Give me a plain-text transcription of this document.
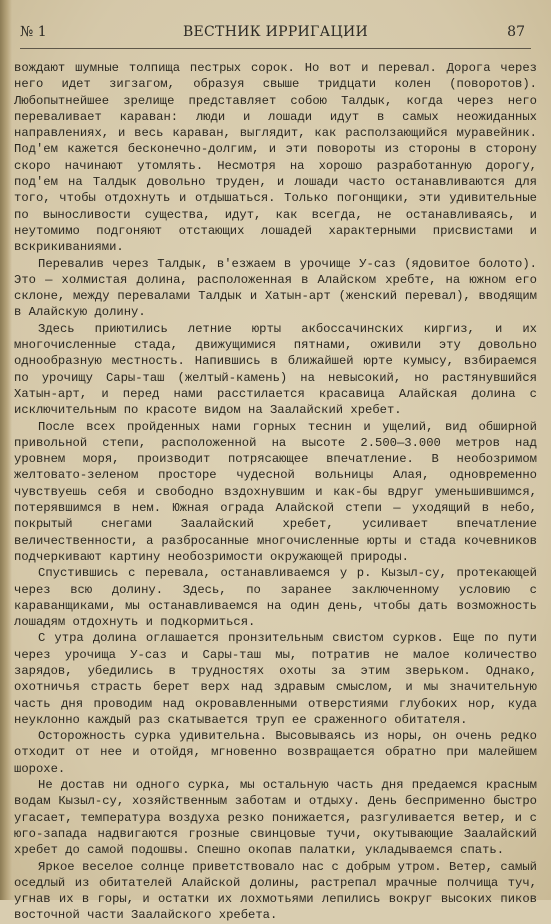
№ 1	ВЕСТНИК ИРРИГАЦИИ	87

вождают шумные толпища пестрых сорок. Но вот и перевал. Дорога через него идет зигзагом, образуя свыше тридцати колен (поворотов). Любопытнейшее зрелище представляет собою Талдык, когда через него переваливает караван: люди и лошади идут в самых неожиданных направлениях, и весь караван, выглядит, как расползающийся муравейник. Под'ем кажется бесконечно-долгим, и эти повороты из стороны в сторону скоро начинают утомлять. Несмотря на хорошо разработанную дорогу, под'ем на Талдык довольно труден, и лошади часто останавливаются для того, чтобы отдохнуть и отдышаться. Только погонщики, эти удивительные по выносливости существа, идут, как всегда, не останавливаясь, и неутомимо подгоняют отстающих лошадей характерными присвистами и вскрикиваниями.

Перевалив через Талдык, в'езжаем в урочище У-саз (ядовитое болото). Это — холмистая долина, расположенная в Алайском хребте, на южном его склоне, между перевалами Талдык и Хатын-арт (женский перевал), вводящим в Алайскую долину.

Здесь приютились летние юрты акбоссачинских киргиз, и их многочисленные стада, движущимися пятнами, оживили эту довольно однообразную местность. Напившись в ближайшей юрте кумысу, взбираемся по урочищу Сары-таш (желтый-камень) на невысокий, но растянувшийся Хатын-арт, и перед нами расстилается красавица Алайская долина с исключительным по красоте видом на Заалайский хребет.

После всех пройденных нами горных теснин и ущелий, вид обширной привольной степи, расположенной на высоте 2.500—3.000 метров над уровнем моря, производит потрясающее впечатление. В необозримом желтовато-зеленом просторе чудесной вольницы Алая, одновременно чувствуешь себя и свободно вздохнувшим и как-бы вдруг уменьшившимся, потерявшимся в нем. Южная ограда Алайской степи — уходящий в небо, покрытый снегами Заалайский хребет, усиливает впечатление величественности, а разбросанные многочисленные юрты и стада кочевников подчеркивают картину необозримости окружающей природы.

Спустившись с перевала, останавливаемся у р. Кызыл-су, протекающей через всю долину. Здесь, по заранее заключенному условию с караванщиками, мы останавливаемся на один день, чтобы дать возможность лошадям отдохнуть и подкормиться.

С утра долина оглашается пронзительным свистом сурков. Еще по пути через урочища У-саз и Сары-таш мы, потратив не малое количество зарядов, убедились в трудностях охоты за этим зверьком. Однако, охотничья страсть берет верх над здравым смыслом, и мы значительную часть дня проводим над окровавленными отверстиями глубоких нор, куда неуклонно каждый раз скатывается труп ее сраженного обитателя.

Осторожность сурка удивительна. Высовываясь из норы, он очень редко отходит от нее и отойдя, мгновенно возвращается обратно при малейшем шорохе.

Не достав ни одного сурка, мы остальную часть дня предаемся красным водам Кызыл-су, хозяйственным заботам и отдыху. День бесприменно быстро угасает, температура воздуха резко понижается, разгуливается ветер, и с юго-запада надвигаются грозные свинцовые тучи, окутывающие Заалайский хребет до самой подошвы. Спешно окопав палатки, укладываемся спать.

Яркое веселое солнце приветствовало нас с добрым утром. Ветер, самый оседлый из обитателей Алайской долины, растрепал мрачные полчища туч, угнав их в горы, и остатки их лохмотьями лепились вокруг высоких пиков восточной части Заалайского хребета.
